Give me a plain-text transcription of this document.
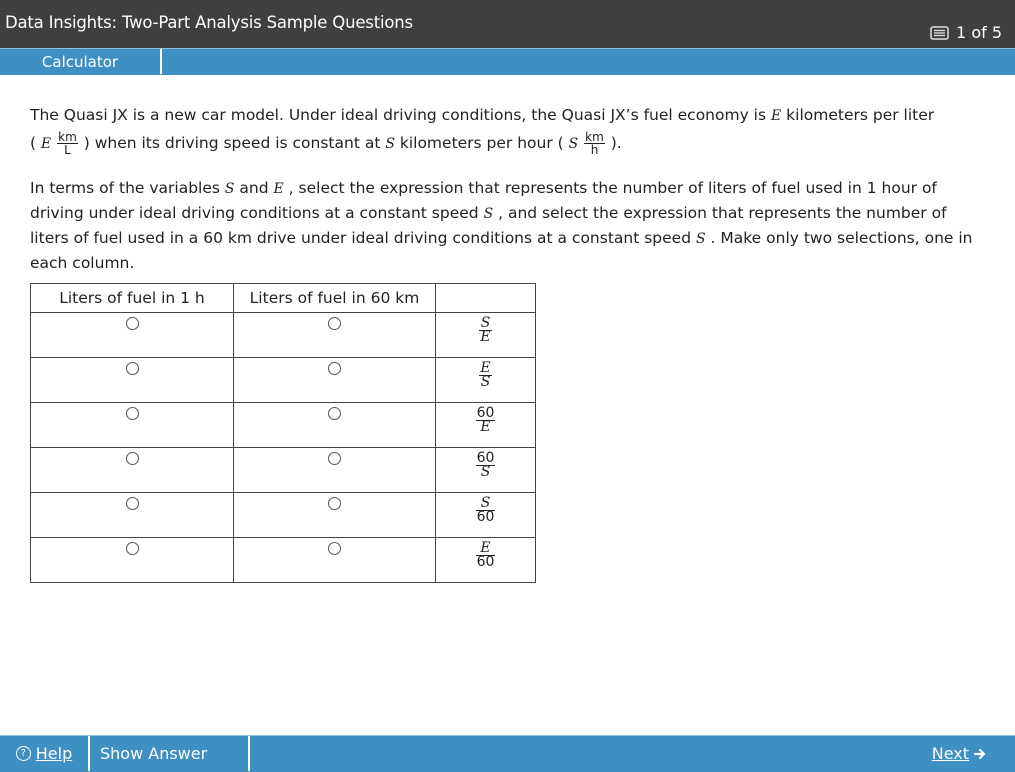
Data Insights: Two-Part Analysis Sample Questions
1 of 5
Calculator

The Quasi JX is a new car model. Under ideal driving conditions, the Quasi JX’s fuel economy is E kilometers per liter
( E $\frac{km}{L}$ ) when its driving speed is constant at S kilometers per hour ( S $\frac{km}{h}$ ).

In terms of the variables S and E , select the expression that represents the number of liters of fuel used in 1 hour of driving under ideal driving conditions at a constant speed S , and select the expression that represents the number of liters of fuel used in a 60 km drive under ideal driving conditions at a constant speed S . Make only two selections, one in each column.

Liters of fuel in 1 h	Liters of fuel in 60 km	

		$\frac{S}{E}$

		$\frac{E}{S}$

		$\frac{60}{E}$

		$\frac{60}{S}$

		$\frac{S}{60}$

		$\frac{E}{60}$
? Help Show Answer	Next
